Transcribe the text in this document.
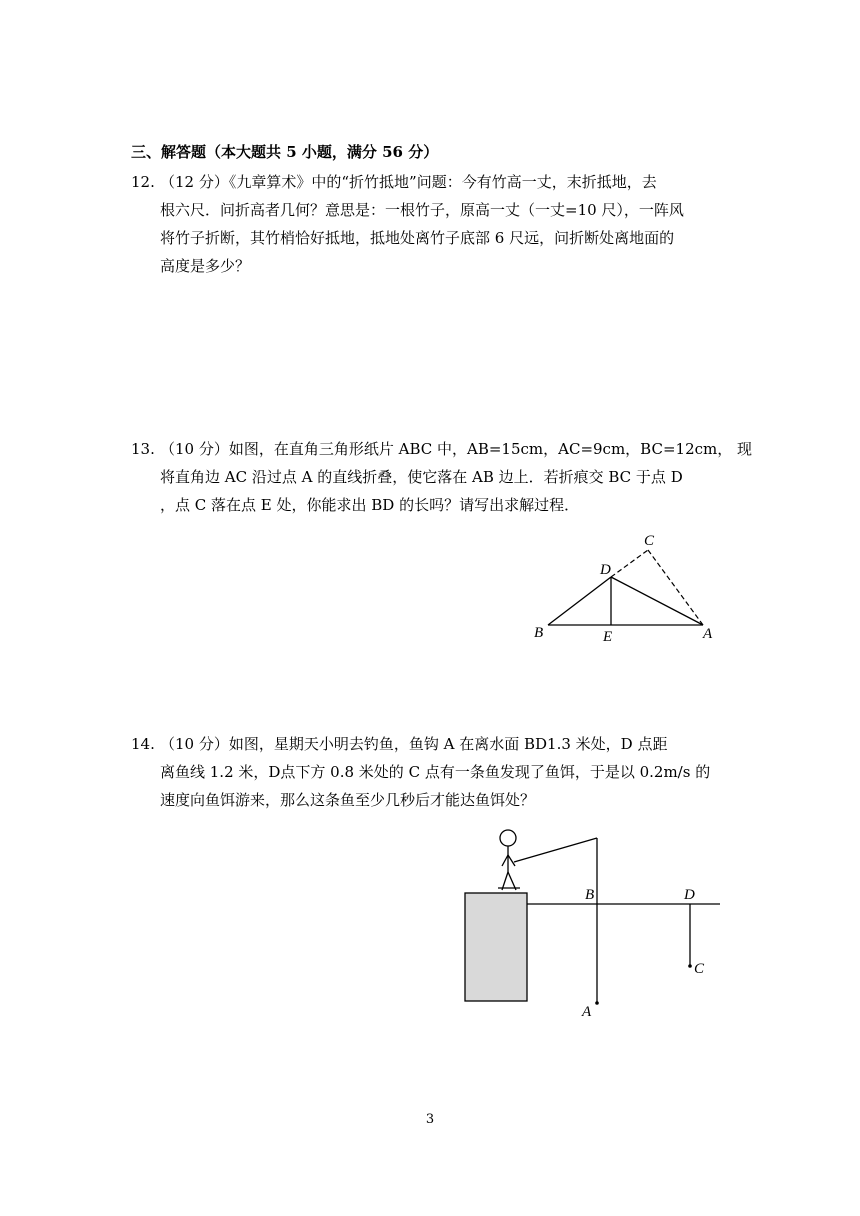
三、解答题（本大题共 5 小题，满分 56 分）
12. （12 分）《九章算术》中的“折竹抵地”问题：今有竹高一丈，末折抵地，去
根六尺．问折高者几何？意思是：一根竹子，原高一丈（一丈=10 尺），一阵风
将竹子折断，其竹梢恰好抵地，抵地处离竹子底部 6 尺远，问折断处离地面的
高度是多少？
13. （10 分）如图，在直角三角形纸片 ABC 中，AB=15cm，AC=9cm，BC=12cm， 现
将直角边 AC 沿过点 A 的直线折叠，使它落在 AB 边上．若折痕交 BC 于点 D
，点 C 落在点 E 处，你能求出 BD 的长吗？请写出求解过程．
C
D
B	E	A
14. （10 分）如图，星期天小明去钓鱼，鱼钩 A 在离水面 BD1.3 米处，D 点距
离鱼线 1.2 米，D点下方 0.8 米处的 C 点有一条鱼发现了鱼饵，于是以 0.2m/s 的
速度向鱼饵游来，那么这条鱼至少几秒后才能达鱼饵处？
B	D
C
A
3
